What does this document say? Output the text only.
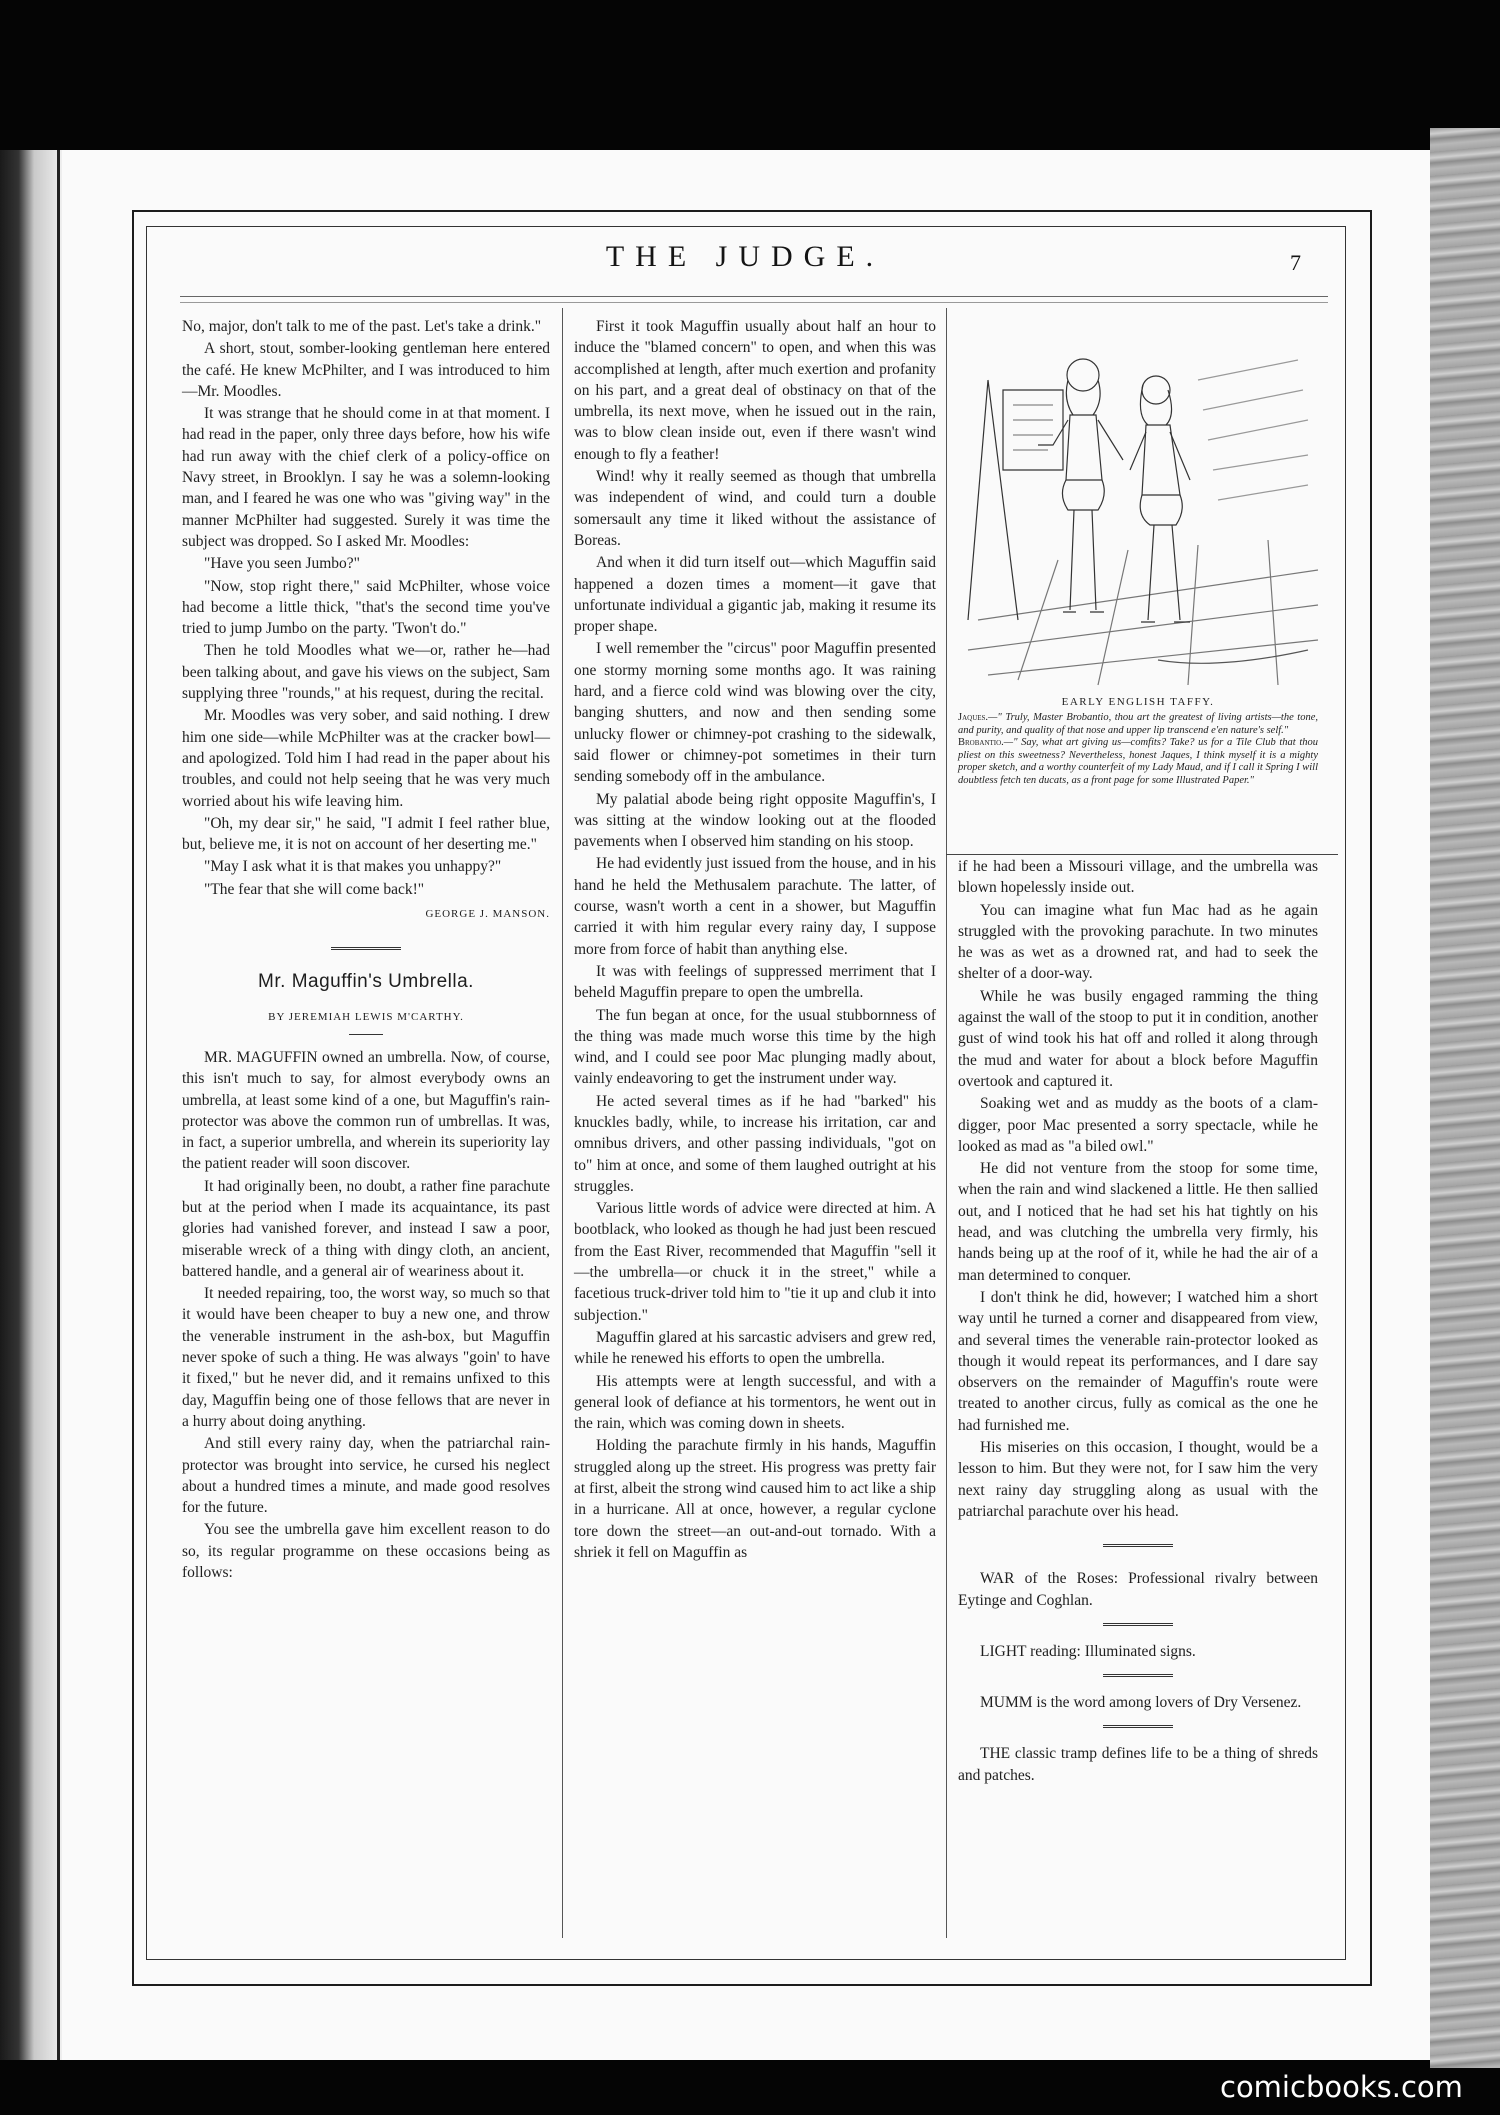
THE JUDGE.	7

No, major, don't talk to me of the past. Let's take a drink."

A short, stout, somber-looking gentleman here entered the café. He knew McPhilter, and I was introduced to him—Mr. Moodles.

It was strange that he should come in at that moment. I had read in the paper, only three days before, how his wife had run away with the chief clerk of a policy-office on Navy street, in Brooklyn. I say he was a solemn-looking man, and I feared he was one who was "giving way" in the manner McPhilter had suggested. Surely it was time the subject was dropped. So I asked Mr. Moodles:

"Have you seen Jumbo?"

"Now, stop right there," said McPhilter, whose voice had become a little thick, "that's the second time you've tried to jump Jumbo on the party. 'Twon't do."

Then he told Moodles what we—or, rather he—had been talking about, and gave his views on the subject, Sam supplying three "rounds," at his request, during the recital.

Mr. Moodles was very sober, and said nothing. I drew him one side—while McPhilter was at the cracker bowl—and apologized. Told him I had read in the paper about his troubles, and could not help seeing that he was very much worried about his wife leaving him.

"Oh, my dear sir," he said, "I admit I feel rather blue, but, believe me, it is not on account of her deserting me."

"May I ask what it is that makes you unhappy?"

"The fear that she will come back!"

GEORGE J. MANSON.
Mr. Maguffin's Umbrella.
BY JEREMIAH LEWIS M'CARTHY.

MR. MAGUFFIN owned an umbrella. Now, of course, this isn't much to say, for almost everybody owns an umbrella, at least some kind of a one, but Maguffin's rain-protector was above the common run of umbrellas. It was, in fact, a superior umbrella, and wherein its superiority lay the patient reader will soon discover.

It had originally been, no doubt, a rather fine parachute but at the period when I made its acquaintance, its past glories had vanished forever, and instead I saw a poor, miserable wreck of a thing with dingy cloth, an ancient, battered handle, and a general air of weariness about it.

It needed repairing, too, the worst way, so much so that it would have been cheaper to buy a new one, and throw the venerable instrument in the ash-box, but Maguffin never spoke of such a thing. He was always "goin' to have it fixed," but he never did, and it remains unfixed to this day, Maguffin being one of those fellows that are never in a hurry about doing anything.

And still every rainy day, when the patriarchal rain-protector was brought into service, he cursed his neglect about a hundred times a minute, and made good resolves for the future.

You see the umbrella gave him excellent reason to do so, its regular programme on these occasions being as follows:

First it took Maguffin usually about half an hour to induce the "blamed concern" to open, and when this was accomplished at length, after much exertion and profanity on his part, and a great deal of obstinacy on that of the umbrella, its next move, when he issued out in the rain, was to blow clean inside out, even if there wasn't wind enough to fly a feather!

Wind! why it really seemed as though that umbrella was independent of wind, and could turn a double somersault any time it liked without the assistance of Boreas.

And when it did turn itself out—which Maguffin said happened a dozen times a moment—it gave that unfortunate individual a gigantic jab, making it resume its proper shape.

I well remember the "circus" poor Maguffin presented one stormy morning some months ago. It was raining hard, and a fierce cold wind was blowing over the city, banging shutters, and now and then sending some unlucky flower or chimney-pot crashing to the sidewalk, said flower or chimney-pot sometimes in their turn sending somebody off in the ambulance.

My palatial abode being right opposite Maguffin's, I was sitting at the window looking out at the flooded pavements when I observed him standing on his stoop.

He had evidently just issued from the house, and in his hand he held the Methusalem parachute. The latter, of course, wasn't worth a cent in a shower, but Maguffin carried it with him regular every rainy day, I suppose more from force of habit than anything else.

It was with feelings of suppressed merriment that I beheld Maguffin prepare to open the umbrella.

The fun began at once, for the usual stubbornness of the thing was made much worse this time by the high wind, and I could see poor Mac plunging madly about, vainly endeavoring to get the instrument under way.

He acted several times as if he had "barked" his knuckles badly, while, to increase his irritation, car and omnibus drivers, and other passing individuals, "got on to" him at once, and some of them laughed outright at his struggles.

Various little words of advice were directed at him. A bootblack, who looked as though he had just been rescued from the East River, recommended that Maguffin "sell it—the umbrella—or chuck it in the street," while a facetious truck-driver told him to "tie it up and club it into subjection."

Maguffin glared at his sarcastic advisers and grew red, while he renewed his efforts to open the umbrella.

His attempts were at length successful, and with a general look of defiance at his tormentors, he went out in the rain, which was coming down in sheets.

Holding the parachute firmly in his hands, Maguffin struggled along up the street. His progress was pretty fair at first, albeit the strong wind caused him to act like a ship in a hurricane. All at once, however, a regular cyclone tore down the street—an out-and-out tornado. With a shriek it fell on Maguffin as

EARLY ENGLISH TAFFY.
Jaques.—" Truly, Master Brobantio, thou art the greatest of living artists—the tone, and purity, and quality of that nose and upper lip transcend e'en nature's self."
Brobantio.—" Say, what art giving us—comfits? Take? us for a Tile Club that thou pliest on this sweetness? Nevertheless, honest Jaques, I think myself it is a mighty proper sketch, and a worthy counterfeit of my Lady Maud, and if I call it Spring I will doubtless fetch ten ducats, as a front page for some Illustrated Paper."

if he had been a Missouri village, and the umbrella was blown hopelessly inside out.

You can imagine what fun Mac had as he again struggled with the provoking parachute. In two minutes he was as wet as a drowned rat, and had to seek the shelter of a door-way.

While he was busily engaged ramming the thing against the wall of the stoop to put it in condition, another gust of wind took his hat off and rolled it along through the mud and water for about a block before Maguffin overtook and captured it.

Soaking wet and as muddy as the boots of a clam-digger, poor Mac presented a sorry spectacle, while he looked as mad as "a biled owl."

He did not venture from the stoop for some time, when the rain and wind slackened a little. He then sallied out, and I noticed that he had set his hat tightly on his head, and was clutching the umbrella very firmly, his hands being up at the roof of it, while he had the air of a man determined to conquer.

I don't think he did, however; I watched him a short way until he turned a corner and disappeared from view, and several times the venerable rain-protector looked as though it would repeat its performances, and I dare say observers on the remainder of Maguffin's route were treated to another circus, fully as comical as the one he had furnished me.

His miseries on this occasion, I thought, would be a lesson to him. But they were not, for I saw him the very next rainy day struggling along as usual with the patriarchal parachute over his head.

WAR of the Roses: Professional rivalry between Eytinge and Coghlan.

LIGHT reading: Illuminated signs.

MUMM is the word among lovers of Dry Versenez.

THE classic tramp defines life to be a thing of shreds and patches.

comicbooks.com
